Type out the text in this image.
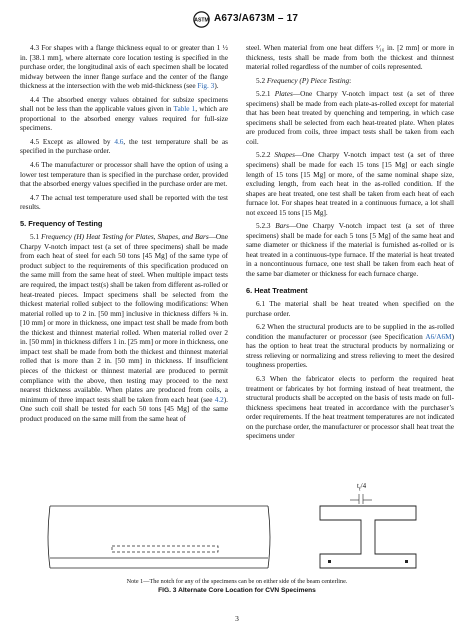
ASTM A673/A673M – 17
4.3 For shapes with a flange thickness equal to or greater than 1 ½ in. [38.1 mm], where alternate core location testing is specified in the purchase order, the longitudinal axis of each specimen shall be located midway between the inner flange surface and the center of the flange thickness at the intersection with the web mid-thickness (see Fig. 3).
4.4 The absorbed energy values obtained for subsize specimens shall not be less than the applicable values given in Table 1, which are proportional to the absorbed energy values required for full-size specimens.
4.5 Except as allowed by 4.6, the test temperature shall be as specified in the purchase order.
4.6 The manufacturer or processor shall have the option of using a lower test temperature than is specified in the purchase order, provided that the absorbed energy values specified in the purchase order are met.
4.7 The actual test temperature used shall be reported with the test results.
5. Frequency of Testing
5.1 Frequency (H) Heat Testing for Plates, Shapes, and Bars—One Charpy V-notch impact test (a set of three specimens) shall be made from each heat of steel for each 50 tons [45 Mg] of the same type of product subject to the requirements of this specification produced on the same mill from the same heat of steel. When multiple impact tests are required, the impact test(s) shall be taken from different as-rolled or heat-treated pieces. Impact specimens shall be selected from the thickest material rolled subject to the following modifications: When material rolled up to 2 in. [50 mm] inclusive in thickness differs ⅜ in. [10 mm] or more in thickness, one impact test shall be made from both the thickest and thinnest material rolled. When material rolled over 2 in. [50 mm] in thickness differs 1 in. [25 mm] or more in thickness, one impact test shall be made from both the thickest and thinnest material rolled that is more than 2 in. [50 mm] in thickness. If insufficient pieces of the thickest or thinnest material are produced to permit compliance with the above, then testing may proceed to the next nearest thickness available. When plates are produced from coils, a minimum of three impact tests shall be taken from each heat (see 4.2). One such coil shall be tested for each 50 tons [45 Mg] of the same product produced on the same mill from the same heat of
steel. When material from one heat differs ¹⁄₁₆ in. [2 mm] or more in thickness, tests shall be made from both the thickest and thinnest material rolled regardless of the number of coils represented.
5.2 Frequency (P) Piece Testing:
5.2.1 Plates—One Charpy V-notch impact test (a set of three specimens) shall be made from each plate-as-rolled except for material that has been heat treated by quenching and tempering, in which case specimens shall be selected from each heat-treated plate. When plates are produced from coils, three impact tests shall be taken from each coil.
5.2.2 Shapes—One Charpy V-notch impact test (a set of three specimens) shall be made for each 15 tons [15 Mg] or each single length of 15 tons [15 Mg] or more, of the same nominal shape size, excluding length, from each heat in the as-rolled condition. If the shapes are heat treated, one test shall be taken from each heat of each furnace lot. For shapes heat treated in a continuous furnace, a lot shall not exceed 15 tons [15 Mg].
5.2.3 Bars—One Charpy V-notch impact test (a set of three specimens) shall be made for each 5 tons [5 Mg] of the same heat and same diameter or thickness if the material is furnished as-rolled or is heat treated in a continuous-type furnace. If the material is heat treated in a noncontinuous furnace, one test shall be taken from each heat of the same bar diameter or thickness for each furnace charge.
6. Heat Treatment
6.1 The material shall be heat treated when specified on the purchase order.
6.2 When the structural products are to be supplied in the as-rolled condition the manufacturer or processor (see Specification A6/A6M) has the option to heat treat the structural products by normalizing or stress relieving or normalizing and stress relieving to meet the desired toughness properties.
6.3 When the fabricator elects to perform the required heat treatment or fabricates by hot forming instead of heat treatment, the structural products shall be accepted on the basis of tests made on full-thickness specimens heat treated in accordance with the purchaser’s order requirements. If the heat treatment temperatures are not indicated on the purchase order, the manufacturer or processor shall heat treat the specimens under
$t_f/4$
Note 1—The notch for any of the specimens can be on either side of the beam centerline.
FIG. 3 Alternate Core Location for CVN Specimens
3
